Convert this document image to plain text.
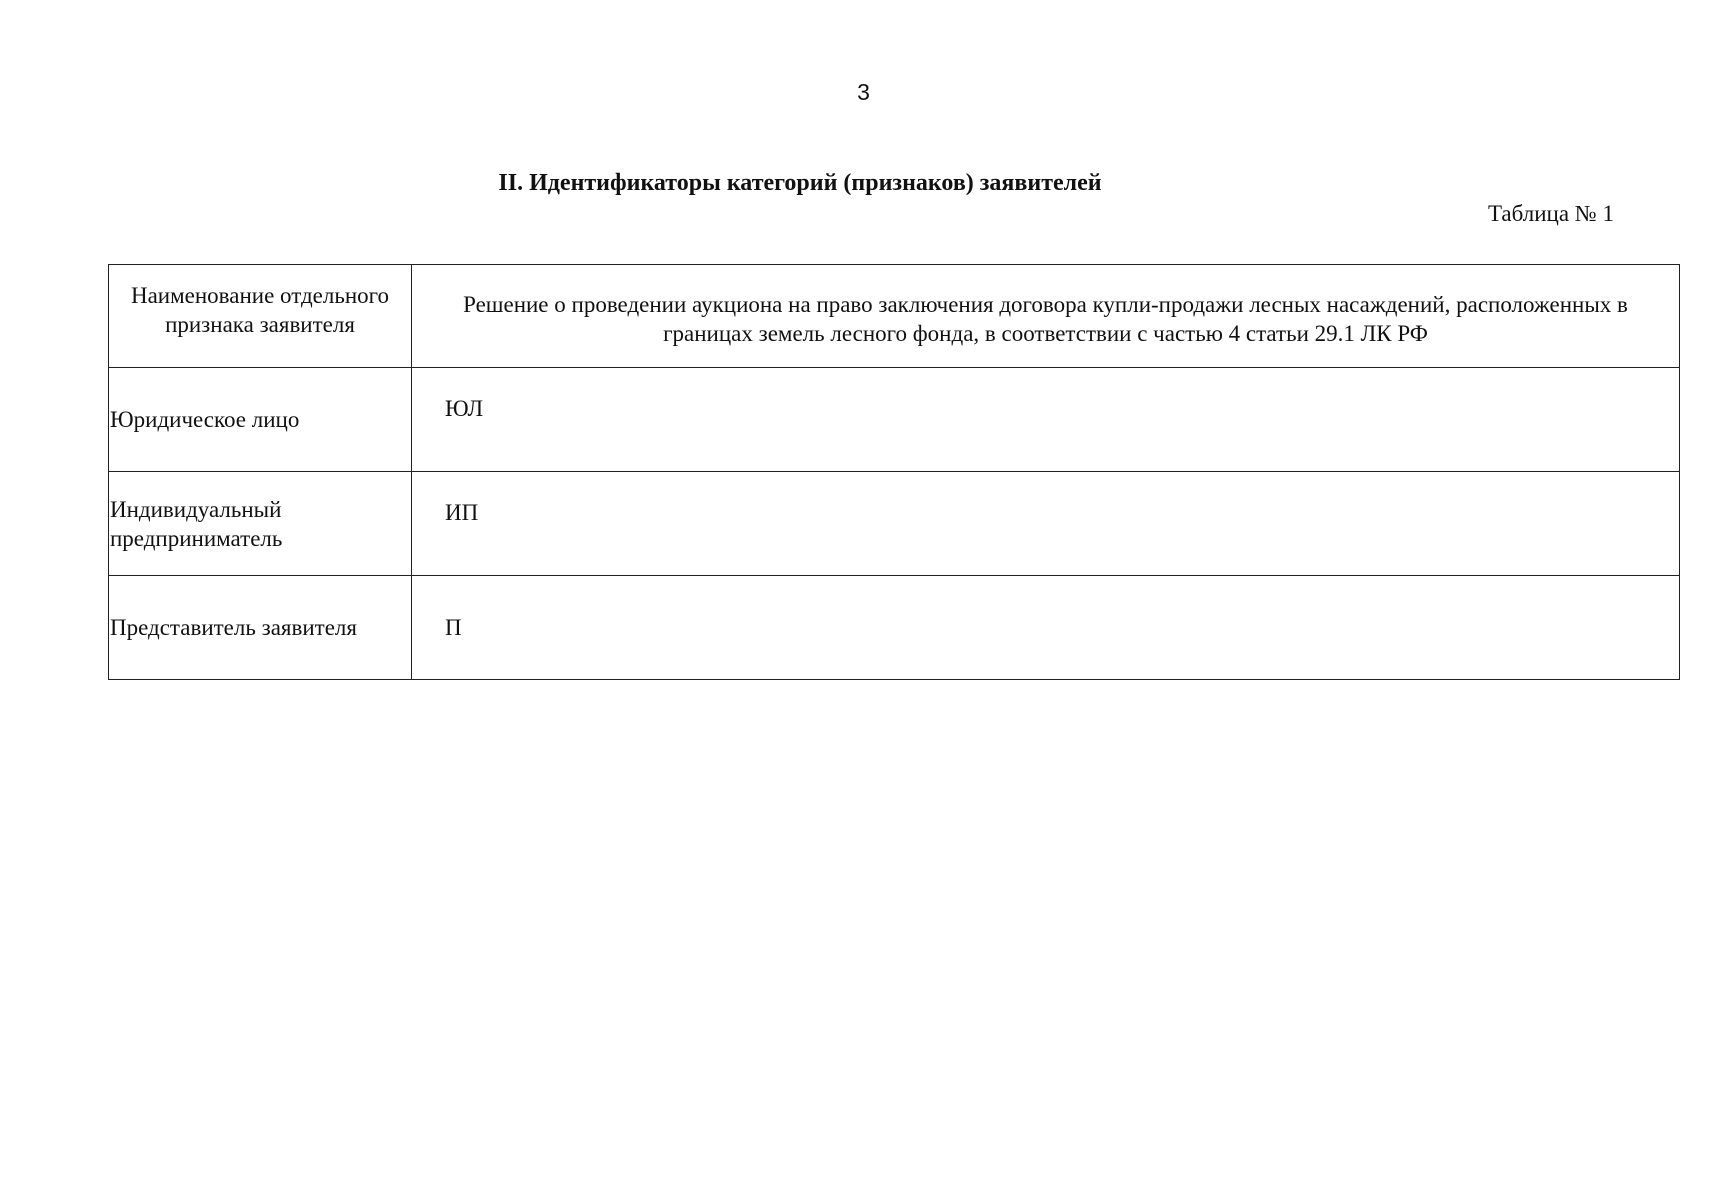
3
II. Идентификаторы категорий (признаков) заявителей
Таблица № 1
Наименование отдельного признака заявителя	Решение о проведении аукциона на право заключения договора купли-продажи лесных насаждений, расположенных в границах земель лесного фонда, в соответствии с частью 4 статьи 29.1 ЛК РФ
Юридическое лицо	ЮЛ
Индивидуальный предприниматель	ИП
Представитель заявителя	П
